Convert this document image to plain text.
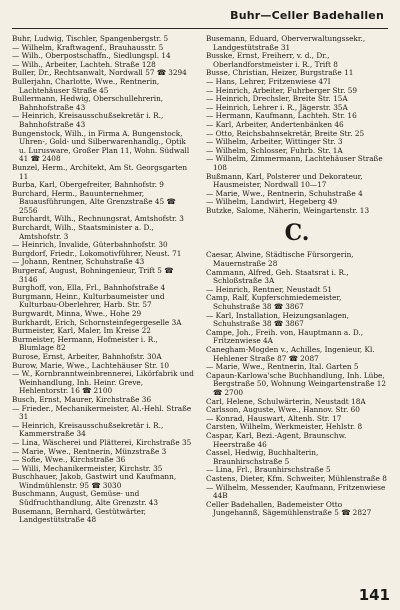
Buhr—Celler Badehallen
Buhr, Ludwig, Tischler, Spangenbergstr. 5
— Wilhelm, Kraftwagenf., Brauhausstr. 5
— Wilh., Oberpostschaffn., Siedlungspl. 14
— Wilh., Arbeiter, Lachteh. Straße 128
Buller, Dr., Rechtsanwalt, Nordwall 57 ☎ 3294
Bullerjahn, Charlotte, Wwe., Rentnerin, Lachtehäuser Straße 45
Bullermann, Hedwig, Oberschullehrerin, Bahnhofstraße 43
— Heinrich, Kreisausschußsekretär i. R., Bahnhofstraße 43
Bungenstock, Wilh., in Firma A. Bungenstock, Uhren-, Gold- und Silberwarenhandlg., Optik u. Lurusware, Großer Plan 11, Wohn. Südwall 41 ☎ 2408
Bunzel, Herm., Architekt, Am St. Georgsgarten 11
Burba, Karl, Obergefreiter, Bahnhofstr. 9
Burchard, Herm., Bauunternehmer, Bauausführungen, Alte Grenzstraße 45 ☎ 2556
Burchardt, Wilh., Rechnungsrat, Amtshofstr. 3
Burchardt, Wilh., Staatsminister a. D., Amtshofstr. 3
— Heinrich, Invalide, Güterbahnhofstr. 30
Burgdorf, Friedr., Lokomotivführer, Neust. 71
— Johann, Rentner, Schuhstraße 43
Burgeraf, August, Bohningenieur, Trift 5 ☎ 3146
Burghoff, von, Ella, Frl., Bahnhofstraße 4
Burgmann, Heinr., Kulturbaumeister und Kulturbau-Oberlehrer, Harb. Str. 57
Burgwardt, Minna, Wwe., Hohe 29
Burkhardt, Erich, Schornsteinfegergeselle 3A
Burmeister, Karl, Maler, Im Kreise 22
Burmeister, Hermann, Hofmeister i. R., Blumlage 82
Burose, Ernst, Arbeiter, Bahnhofstr. 30A
Burow, Marie, Wwe., Lachtehäuser Str. 10
— W., Kornbranntweinbrennerei, Likörfabrik und Weinhandlung, Inh. Heinr. Greve, Hehlentorstr. 16 ☎ 2100
Busch, Ernst, Maurer, Kirchstraße 36
— Frieder., Mechanikermeister, Al.-Hehl. Straße 31
— Heinrich, Kreisausschußsekretär i. R., Kammerstraße 34
— Lina, Wäscherei und Plätterei, Kirchstraße 35
— Marie, Wwe., Rentnerin, Münzstraße 3
— Sofie, Wwe., Kirchstraße 36
— Willi, Mechanikermeister, Kirchstr. 35
Buschhauer, Jakob, Gastwirt und Kaufmann, Windmühlenstr. 95 ☎ 3030
Buschmann, August, Gemüse- und Südfruchthandlung, Alte Grenzstr. 43
Busemann, Bernhard, Gestütwärter, Landgestütstraße 48
Busemann, Eduard, Oberverwaltungssekr., Landgestütstraße 31
Busske, Ernst, Freiherr, v. d., Dr., Oberlandforstmeister i. R., Trift 8
Busse, Christian, Heizer, Burgstraße 11
— Hans, Lehrer, Fritzenwiese 47I
— Heinrich, Arbeiter, Fuhrberger Str. 59
— Heinrich, Drechsler, Breite Str. 15A
— Heinrich, Lehrer i. R., Jägerstr. 35A
— Hermann, Kaufmann, Lachteh. Str. 16
— Karl, Arbeiter, Andertenbänken 46
— Otto, Reichsbahnsekretär, Breite Str. 25
— Wilhelm, Arbeiter, Wittinger Str. 3
— Wilhelm, Schlosser, Fuhrb. Str. 1A
— Wilhelm, Zimmermann, Lachtehäuser Straße 108
Bußmann, Karl, Polsterer und Dekorateur, Hausmeister, Nordwall 10—17
— Marie, Wwe., Rentnerin, Schuhstraße 4
— Wilhelm, Landwirt, Hegeberg 49
Butzke, Salome, Näherin, Weingartenstr. 13
C.
Caesar, Alwine, Städtische Fürsorgerin, Mauernstraße 28
Cammann, Alfred, Geh. Staatsrat i. R., Schloßstraße 3A
— Heinrich, Rentner, Neustadt 51
Camp, Ralf, Kupferschmiedemeister, Schuhstraße 38 ☎ 3867
— Karl, Installation, Heizungsanlagen, Schuhstraße 38 ☎ 3867
Campe, Joh., Freih. von, Hauptmann a. D., Fritzenwiese 4A
Canegham-Mogden v., Achilles, Ingenieur, Kl. Hehlener Straße 87 ☎ 2087
— Marie, Wwe., Rentnerin, Ital. Garten 5
Capaun-Karlowa'sche Buchhandlung, Inh. Lübe, Bergstraße 50, Wohnung Weingartenstraße 12 ☎ 2700
Carl, Helene, Schulwärterin, Neustadt 18A
Carlsson, Auguste, Wwe., Hannov. Str. 60
— Konrad, Hauswart, Altenh. Str. 17
Carsten, Wilhelm, Werkmeister, Hehlstr. 8
Caspar, Karl, Bezi.-Agent, Braunschw. Heerstraße 46
Cassel, Hedwig, Buchhalterin, Braunhirschstraße 5
— Lina, Frl., Braunhirschstraße 5
Castens, Dieter, Kfm. Schweiter, Mühlenstraße 8
— Wilhelm, Messender, Kaufmann, Fritzenwiese 44B
Celler Badehallen, Bademeister Otto Jungehannß, Sägemühlenstraße 5 ☎ 2827
141
